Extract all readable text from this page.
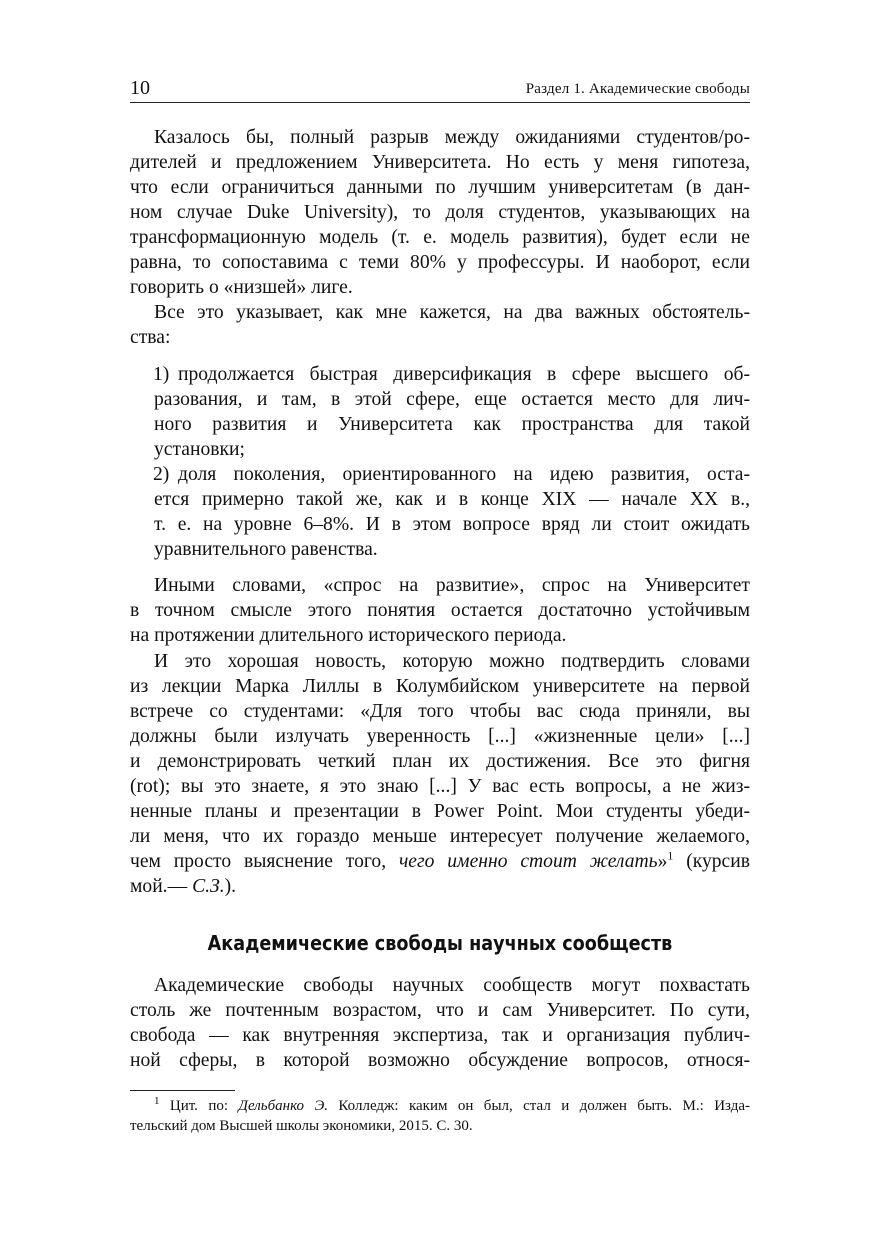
10	Раздел 1. Академические свободы
Казалось бы, полный разрыв между ожиданиями студентов/ро-
дителей и предложением Университета. Но есть у меня гипотеза,
что если ограничиться данными по лучшим университетам (в дан-
ном случае Duke University), то доля студентов, указывающих на
трансформационную модель (т. е. модель развития), будет если не
равна, то сопоставима с теми 80% у профессуры. И наоборот, если
говорить о «низшей» лиге.
Все это указывает, как мне кажется, на два важных обстоятель-
ства:
1) продолжается быстрая диверсификация в сфере высшего об-
разования, и там, в этой сфере, еще остается место для лич-
ного развития и Университета как пространства для такой
установки;
2) доля поколения, ориентированного на идею развития, оста-
ется примерно такой же, как и в конце XIX — начале XX в.,
т. е. на уровне 6–8%. И в этом вопросе вряд ли стоит ожидать
уравнительного равенства.
Иными словами, «спрос на развитие», спрос на Университет
в точном смысле этого понятия остается достаточно устойчивым
на протяжении длительного исторического периода.
И это хорошая новость, которую можно подтвердить словами
из лекции Марка Лиллы в Колумбийском университете на первой
встрече со студентами: «Для того чтобы вас сюда приняли, вы
должны были излучать уверенность [...] «жизненные цели» [...]
и демонстрировать четкий план их достижения. Все это фигня
(rot); вы это знаете, я это знаю [...] У вас есть вопросы, а не жиз-
ненные планы и презентации в Power Point. Мои студенты убеди-
ли меня, что их гораздо меньше интересует получение желаемого,
чем просто выяснение того, чего именно стоит желать»$^1$ (курсив
мой.— С.З.).
Академические свободы научных сообществ
Академические свободы научных сообществ могут похвастать
столь же почтенным возрастом, что и сам Университет. По сути,
свобода — как внутренняя экспертиза, так и организация публич-
ной сферы, в которой возможно обсуждение вопросов, относя-
$^1$ Цит. по: Дельбанко Э. Колледж: каким он был, стал и должен быть. М.: Изда-
тельский дом Высшей школы экономики, 2015. С. 30.
